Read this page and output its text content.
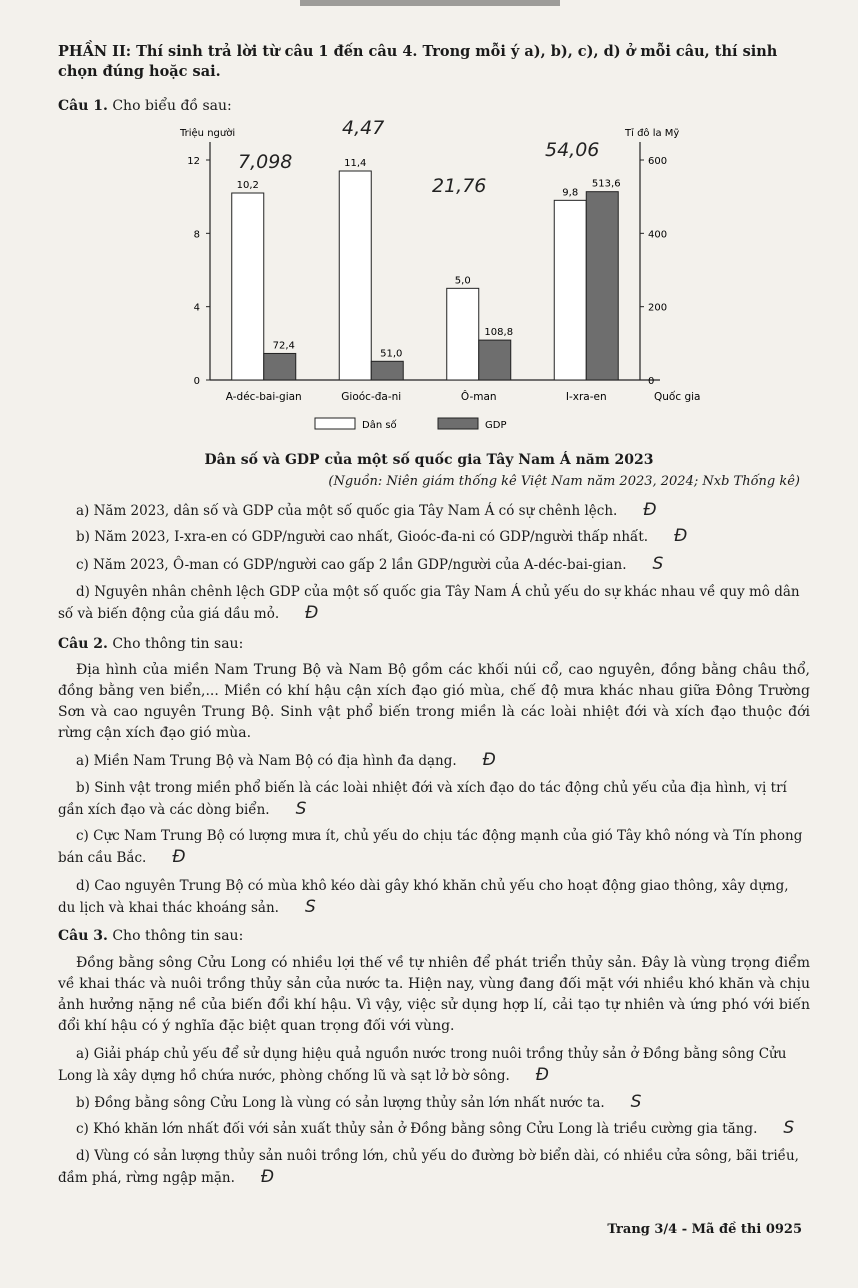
PHẦN II: Thí sinh trả lời từ câu 1 đến câu 4. Trong mỗi ý a), b), c), d) ở mỗi câu, thí sinh chọn đúng hoặc sai.
Câu 1. Cho biểu đồ sau:
Triệu người	Tỉ đô la Mỹ
Quốc gia
0
4
8
12
0
200
400
600
10,2
72,4
A-déc-bai-gian
11,4
51,0
Gioóc-đa-ni
5,0
108,8
Ô-man
9,8
513,6
I-xra-en
Dân số	GDP
7,098
4,47
21,76
54,06
Dân số và GDP của một số quốc gia Tây Nam Á năm 2023
(Nguồn: Niên giám thống kê Việt Nam năm 2023, 2024; Nxb Thống kê)
a) Năm 2023, dân số và GDP của một số quốc gia Tây Nam Á có sự chênh lệch. Đ
b) Năm 2023, I-xra-en có GDP/người cao nhất, Gioóc-đa-ni có GDP/người thấp nhất. Đ
c) Năm 2023, Ô-man có GDP/người cao gấp 2 lần GDP/người của A-déc-bai-gian. S
d) Nguyên nhân chênh lệch GDP của một số quốc gia Tây Nam Á chủ yếu do sự khác nhau về quy mô dân số và biến động của giá dầu mỏ. Đ
Câu 2. Cho thông tin sau:
Địa hình của miền Nam Trung Bộ và Nam Bộ gồm các khối núi cổ, cao nguyên, đồng bằng châu thổ, đồng bằng ven biển,... Miền có khí hậu cận xích đạo gió mùa, chế độ mưa khác nhau giữa Đông Trường Sơn và cao nguyên Trung Bộ. Sinh vật phổ biến trong miền là các loài nhiệt đới và xích đạo thuộc đới rừng cận xích đạo gió mùa.
a) Miền Nam Trung Bộ và Nam Bộ có địa hình đa dạng. Đ
b) Sinh vật trong miền phổ biến là các loài nhiệt đới và xích đạo do tác động chủ yếu của địa hình, vị trí gần xích đạo và các dòng biển. S
c) Cực Nam Trung Bộ có lượng mưa ít, chủ yếu do chịu tác động mạnh của gió Tây khô nóng và Tín phong bán cầu Bắc. Đ
d) Cao nguyên Trung Bộ có mùa khô kéo dài gây khó khăn chủ yếu cho hoạt động giao thông, xây dựng, du lịch và khai thác khoáng sản. S
Câu 3. Cho thông tin sau:
Đồng bằng sông Cửu Long có nhiều lợi thế về tự nhiên để phát triển thủy sản. Đây là vùng trọng điểm về khai thác và nuôi trồng thủy sản của nước ta. Hiện nay, vùng đang đối mặt với nhiều khó khăn và chịu ảnh hưởng nặng nề của biến đổi khí hậu. Vì vậy, việc sử dụng hợp lí, cải tạo tự nhiên và ứng phó với biến đổi khí hậu có ý nghĩa đặc biệt quan trọng đối với vùng.
a) Giải pháp chủ yếu để sử dụng hiệu quả nguồn nước trong nuôi trồng thủy sản ở Đồng bằng sông Cửu Long là xây dựng hồ chứa nước, phòng chống lũ và sạt lở bờ sông. Đ
b) Đồng bằng sông Cửu Long là vùng có sản lượng thủy sản lớn nhất nước ta. S
c) Khó khăn lớn nhất đối với sản xuất thủy sản ở Đồng bằng sông Cửu Long là triều cường gia tăng. S
d) Vùng có sản lượng thủy sản nuôi trồng lớn, chủ yếu do đường bờ biển dài, có nhiều cửa sông, bãi triều, đầm phá, rừng ngập mặn. Đ
Trang 3/4 - Mã đề thi 0925
